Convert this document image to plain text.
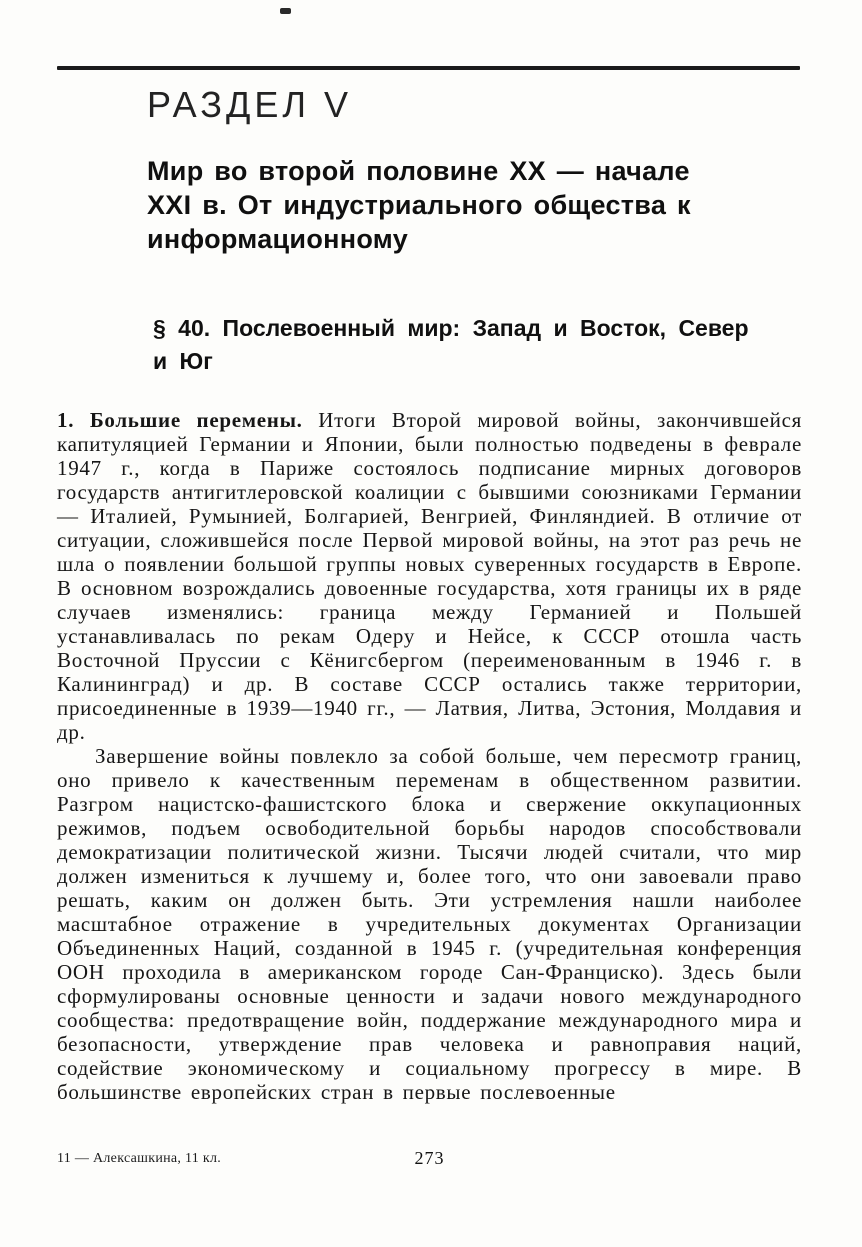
РАЗДЕЛ V
Мир во второй половине XX — начале XXI в. От индустриального общества к информационному
§ 40. Послевоенный мир: Запад и Восток, Север и Юг

1. Большие перемены. Итоги Второй мировой войны, закончившейся капитуляцией Германии и Японии, были полностью подведены в феврале 1947 г., когда в Париже состоялось подписание мирных договоров государств антигитлеровской коалиции с бывшими союзниками Германии — Италией, Румынией, Болгарией, Венгрией, Финляндией. В отличие от ситуации, сложившейся после Первой мировой войны, на этот раз речь не шла о появлении большой группы новых суверенных государств в Европе. В основном возрождались довоенные государства, хотя границы их в ряде случаев изменялись: граница между Германией и Польшей устанавливалась по рекам Одеру и Нейсе, к СССР отошла часть Восточной Пруссии с Кёнигсбергом (переименованным в 1946 г. в Калининград) и др. В составе СССР остались также территории, присоединенные в 1939—1940 гг., — Латвия, Литва, Эстония, Молдавия и др.

Завершение войны повлекло за собой больше, чем пересмотр границ, оно привело к качественным переменам в общественном развитии. Разгром нацистско-фашистского блока и свержение оккупационных режимов, подъем освободительной борьбы народов способствовали демократизации политической жизни. Тысячи людей считали, что мир должен измениться к лучшему и, более того, что они завоевали право решать, каким он должен быть. Эти устремления нашли наиболее масштабное отражение в учредительных документах Организации Объединенных Наций, созданной в 1945 г. (учредительная конференция ООН проходила в американском городе Сан-Франциско). Здесь были сформулированы основные ценности и задачи нового международного сообщества: предотвращение войн, поддержание международного мира и безопасности, утверждение прав человека и равноправия наций, содействие экономическому и социальному прогрессу в мире. В большинстве европейских стран в первые послевоенные

11 — Алексашкина, 11 кл.	273
